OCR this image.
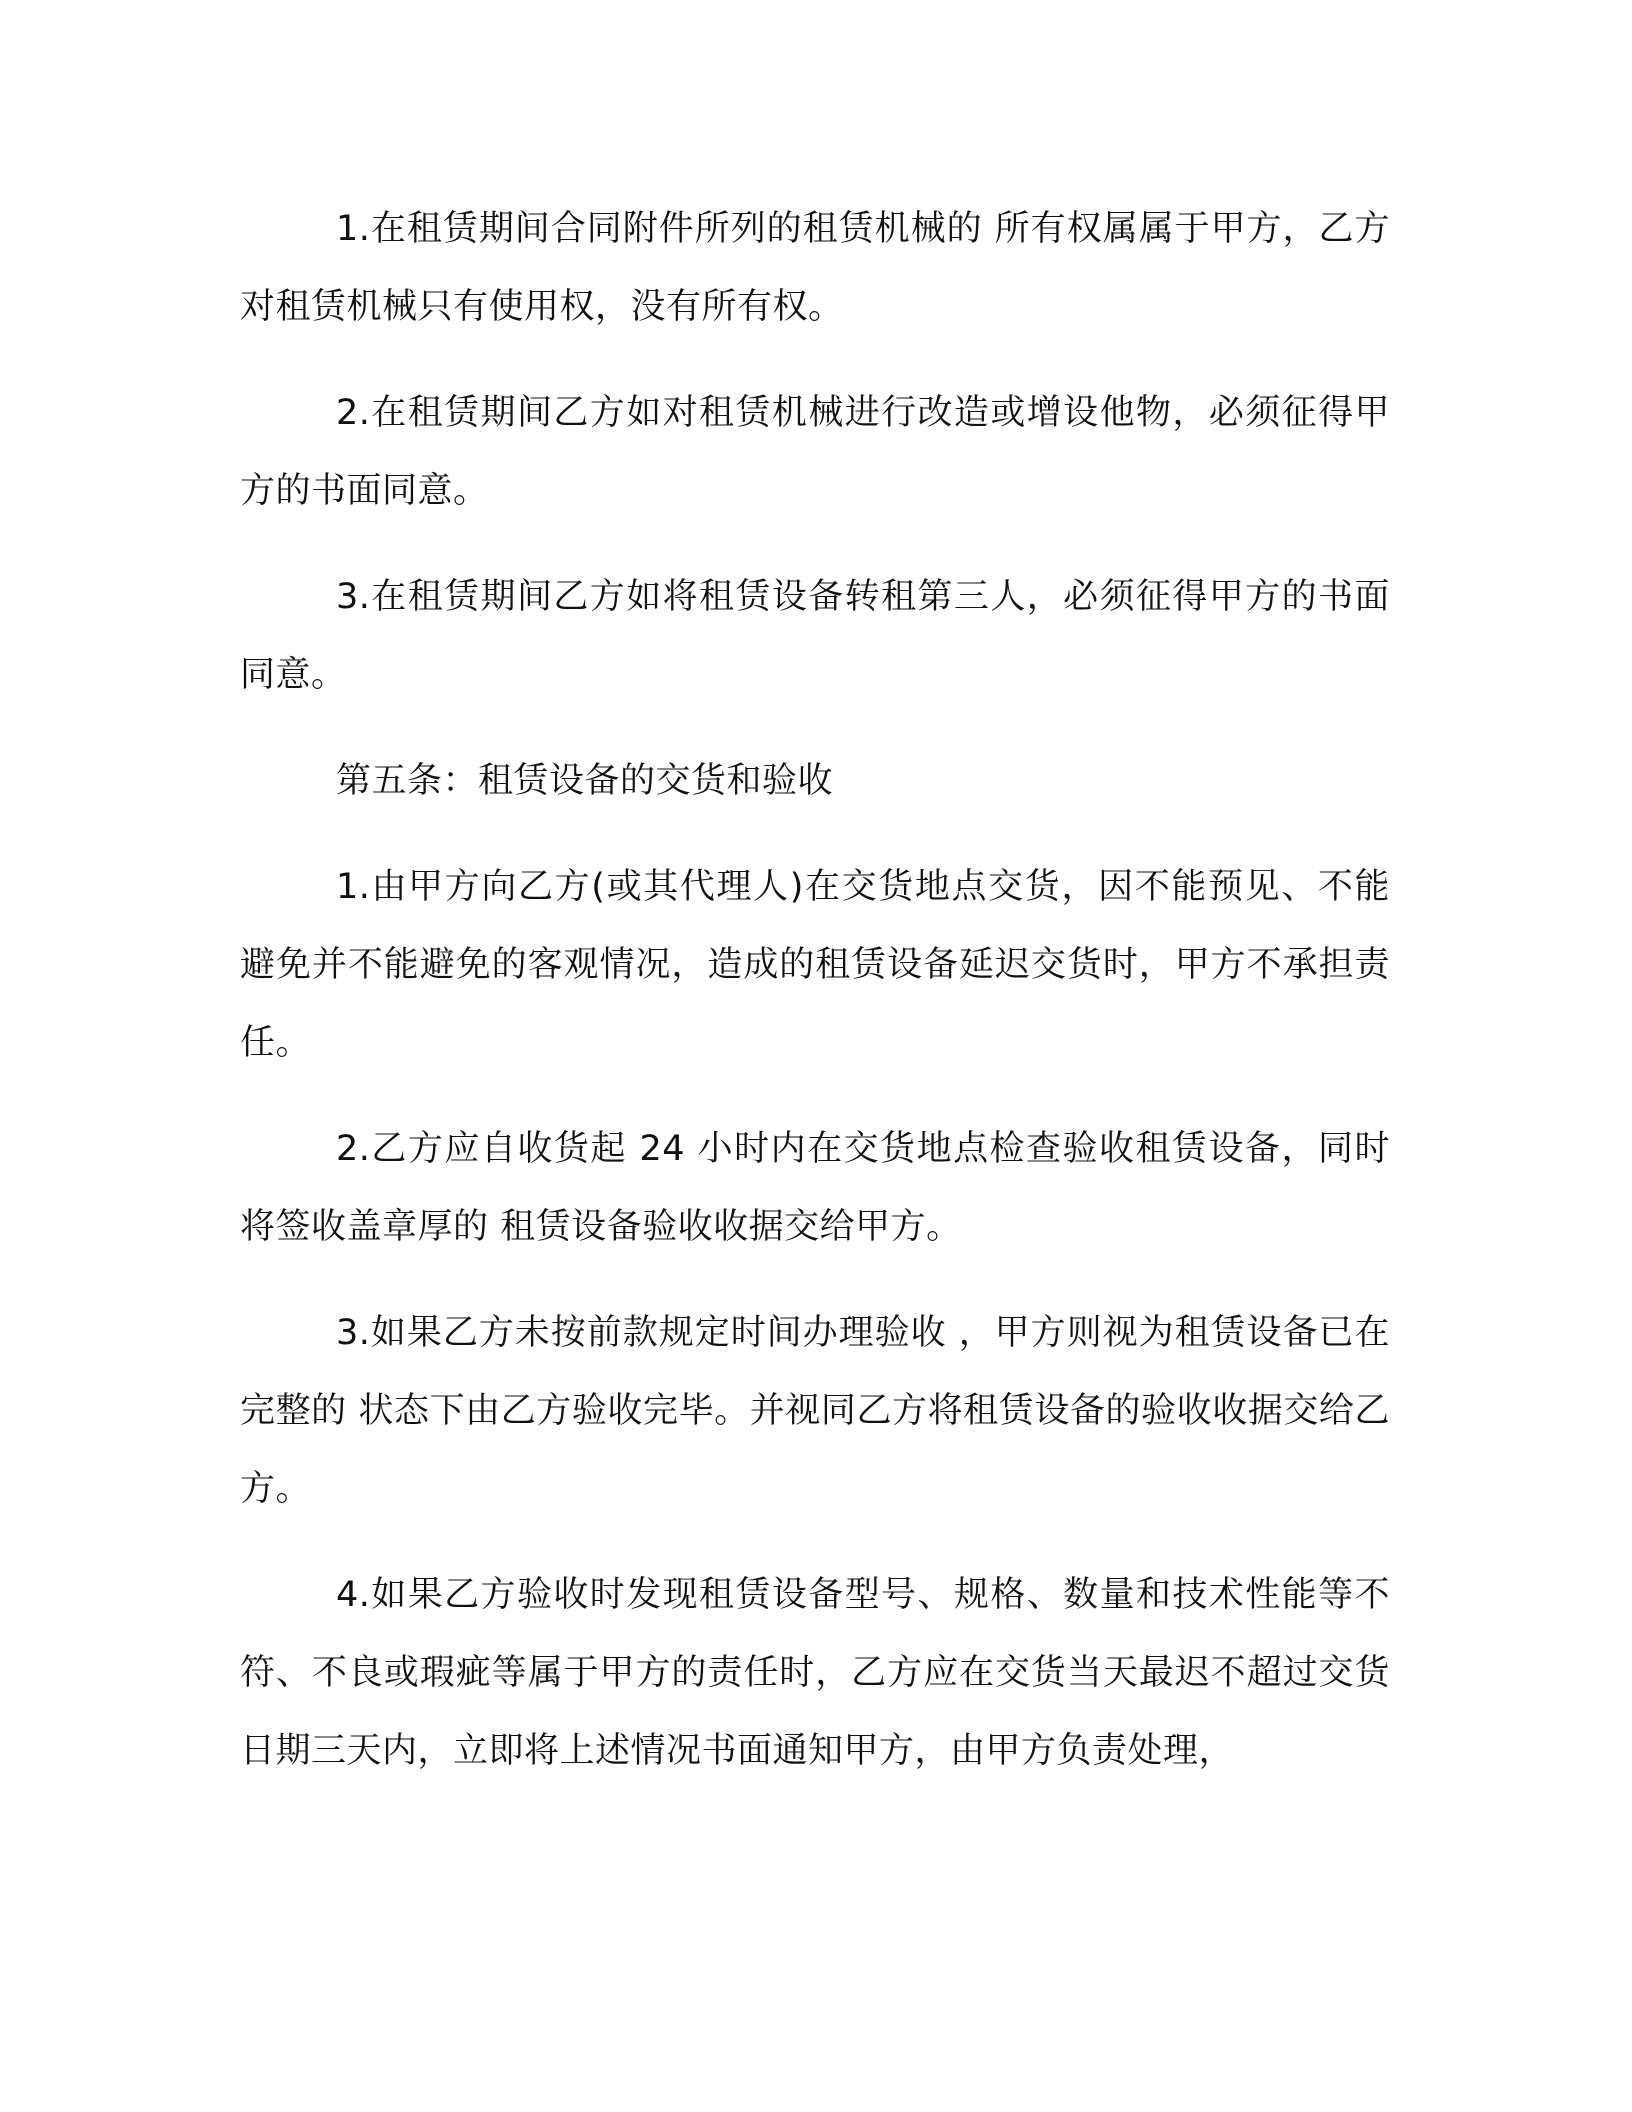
1.在租赁期间合同附件所列的租赁机械的 所有权属属于甲方，乙方对租赁机械只有使用权，没有所有权。

2.在租赁期间乙方如对租赁机械进行改造或增设他物，必须征得甲方的书面同意。

3.在租赁期间乙方如将租赁设备转租第三人，必须征得甲方的书面同意。

第五条：租赁设备的交货和验收

1.由甲方向乙方(或其代理人)在交货地点交货，因不能预见、不能避免并不能避免的客观情况，造成的租赁设备延迟交货时，甲方不承担责任。

2.乙方应自收货起 24 小时内在交货地点检查验收租赁设备，同时将签收盖章厚的 租赁设备验收收据交给甲方。

3.如果乙方未按前款规定时间办理验收 ，甲方则视为租赁设备已在完整的 状态下由乙方验收完毕。并视同乙方将租赁设备的验收收据交给乙方。

4.如果乙方验收时发现租赁设备型号、规格、数量和技术性能等不符、不良或瑕疵等属于甲方的责任时，乙方应在交货当天最迟不超过交货日期三天内，立即将上述情况书面通知甲方，由甲方负责处理，
